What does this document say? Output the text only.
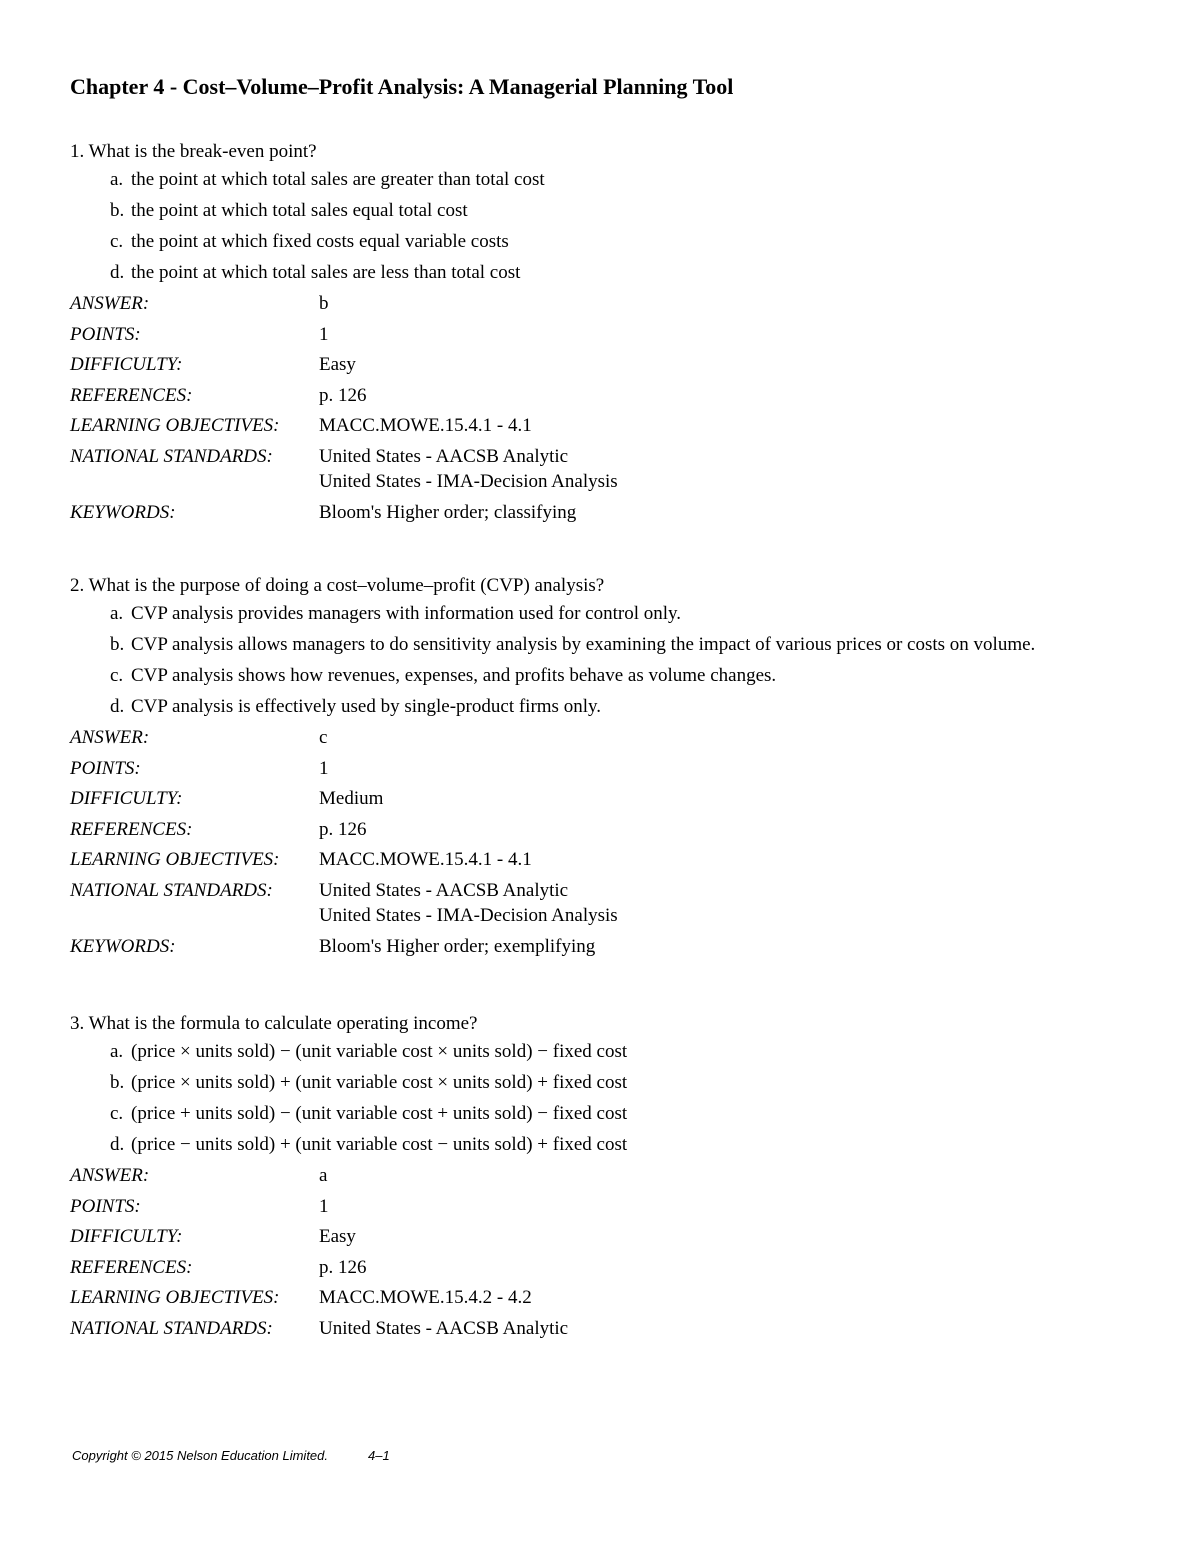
Chapter 4 - Cost–Volume–Profit Analysis: A Managerial Planning Tool
1. What is the break-even point?
a. the point at which total sales are greater than total cost
b. the point at which total sales equal total cost
c. the point at which fixed costs equal variable costs
d. the point at which total sales are less than total cost
ANSWER:	b
POINTS:	1
DIFFICULTY:	Easy
REFERENCES:	p. 126
LEARNING OBJECTIVES: MACC.MOWE.15.4.1 - 4.1
NATIONAL STANDARDS: United States - AACSB Analytic
United States - IMA-Decision Analysis
KEYWORDS:	Bloom's Higher order; classifying
2. What is the purpose of doing a cost–volume–profit (CVP) analysis?
a. CVP analysis provides managers with information used for control only.
b. CVP analysis allows managers to do sensitivity analysis by examining the impact of various prices or costs on volume.
c. CVP analysis shows how revenues, expenses, and profits behave as volume changes.
d. CVP analysis is effectively used by single-product firms only.
ANSWER:	c
POINTS:	1
DIFFICULTY:	Medium
REFERENCES:	p. 126
LEARNING OBJECTIVES: MACC.MOWE.15.4.1 - 4.1
NATIONAL STANDARDS: United States - AACSB Analytic
United States - IMA-Decision Analysis
KEYWORDS:	Bloom's Higher order; exemplifying
3. What is the formula to calculate operating income?
a. (price × units sold) − (unit variable cost × units sold) − fixed cost
b. (price × units sold) + (unit variable cost × units sold) + fixed cost
c. (price + units sold) − (unit variable cost + units sold) − fixed cost
d. (price − units sold) + (unit variable cost − units sold) + fixed cost
ANSWER:	a
POINTS:	1
DIFFICULTY:	Easy
REFERENCES:	p. 126
LEARNING OBJECTIVES: MACC.MOWE.15.4.2 - 4.2
NATIONAL STANDARDS: United States - AACSB Analytic
Copyright © 2015 Nelson Education Limited.	4–1
